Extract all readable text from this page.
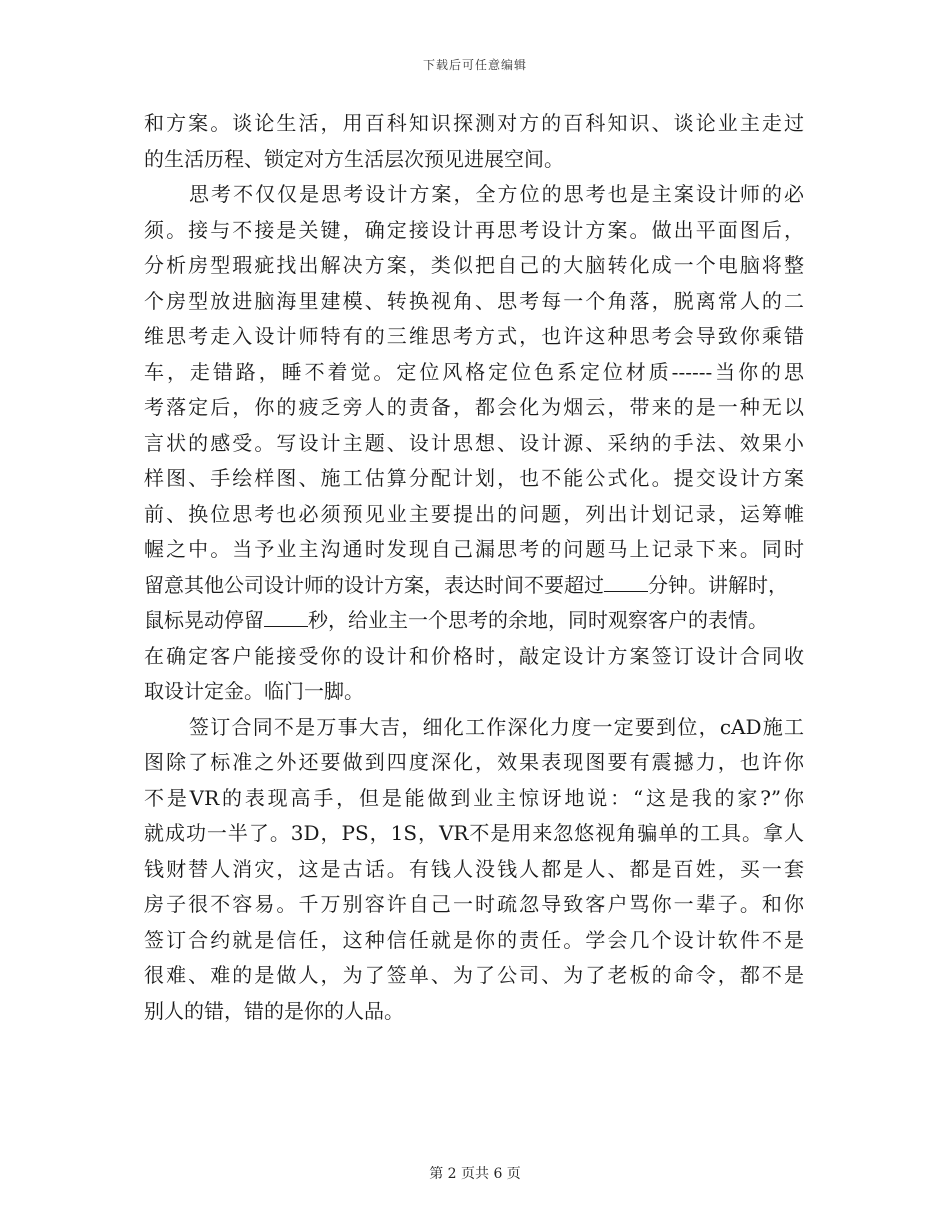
下载后可任意编辑
和方案。谈论生活，用百科知识探测对方的百科知识、谈论业主走过
的生活历程、锁定对方生活层次预见进展空间。
思考不仅仅是思考设计方案，全方位的思考也是主案设计师的必
须。接与不接是关键，确定接设计再思考设计方案。做出平面图后，
分析房型瑕疵找出解决方案，类似把自己的大脑转化成一个电脑将整
个房型放进脑海里建模、转换视角、思考每一个角落，脱离常人的二
维思考走入设计师特有的三维思考方式，也许这种思考会导致你乘错
车，走错路，睡不着觉。定位风格定位色系定位材质------当你的思
考落定后，你的疲乏旁人的责备，都会化为烟云，带来的是一种无以
言状的感受。写设计主题、设计思想、设计源、采纳的手法、效果小
样图、手绘样图、施工估算分配计划，也不能公式化。提交设计方案
前、换位思考也必须预见业主要提出的问题，列出计划记录，运筹帷
幄之中。当予业主沟通时发现自己漏思考的问题马上记录下来。同时
留意其他公司设计师的设计方案，表达时间不要超过 分钟。讲解时，
鼠标晃动停留 秒，给业主一个思考的余地，同时观察客户的表情。
在确定客户能接受你的设计和价格时，敲定设计方案签订设计合同收
取设计定金。临门一脚。
签订合同不是万事大吉，细化工作深化力度一定要到位，cAD施工
图除了标准之外还要做到四度深化，效果表现图要有震撼力，也许你
不是VR的表现高手，但是能做到业主惊讶地说：“这是我的家?”你
就成功一半了。3D，PS，1S，VR不是用来忽悠视角骗单的工具。拿人
钱财替人消灾，这是古话。有钱人没钱人都是人、都是百姓，买一套
房子很不容易。千万别容许自己一时疏忽导致客户骂你一辈子。和你
签订合约就是信任，这种信任就是你的责任。学会几个设计软件不是
很难、难的是做人，为了签单、为了公司、为了老板的命令，都不是
别人的错，错的是你的人品。
第 2 页共 6 页
